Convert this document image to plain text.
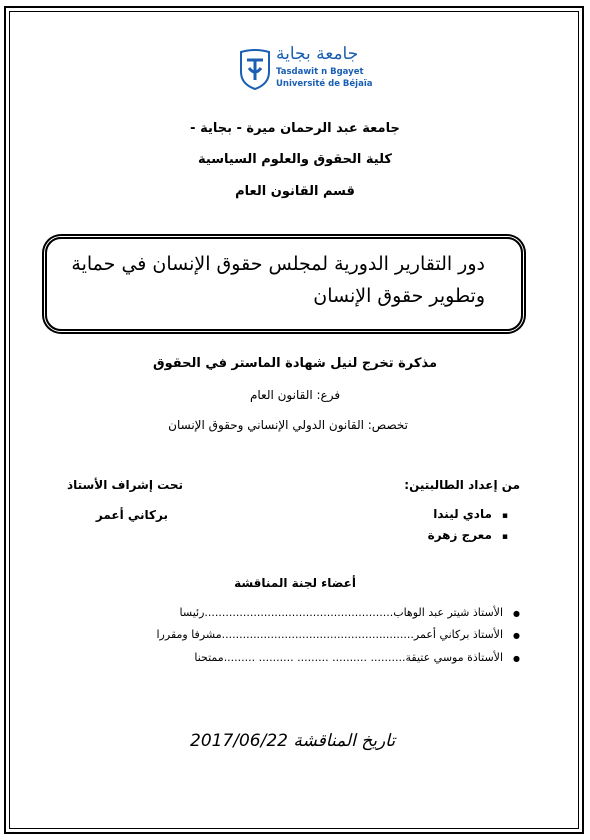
جامعة بجاية
Tasdawit n Bgayet
Université de Béjaïa
جامعة عبد الرحمان ميرة - بجاية -
كلية الحقوق والعلوم السياسية
قسم القانون العام
دور التقارير الدورية لمجلس حقوق الإنسان في حماية وتطوير حقوق الإنسان
مذكرة تخرج لنيل شهادة الماستر في الحقوق
فرع: القانون العام
تخصص: القانون الدولي الإنساني وحقوق الإنسان
من إعداد الطالبتين:
▪مادي ليندا
▪معرج زهرة
تحت إشراف الأستاذ
بركاني أعمر
أعضاء لجنة المناقشة
●الأستاذ شيتر عبد الوهاب......................................................رئيسا
●الأستاذ بركاني أعمر.......................................................مشرفا ومقررا
●الأستاذة موسي عتيقة.......... .......... ......... .......... .........ممتحنا
تاريخ المناقشة 2017/06/22
